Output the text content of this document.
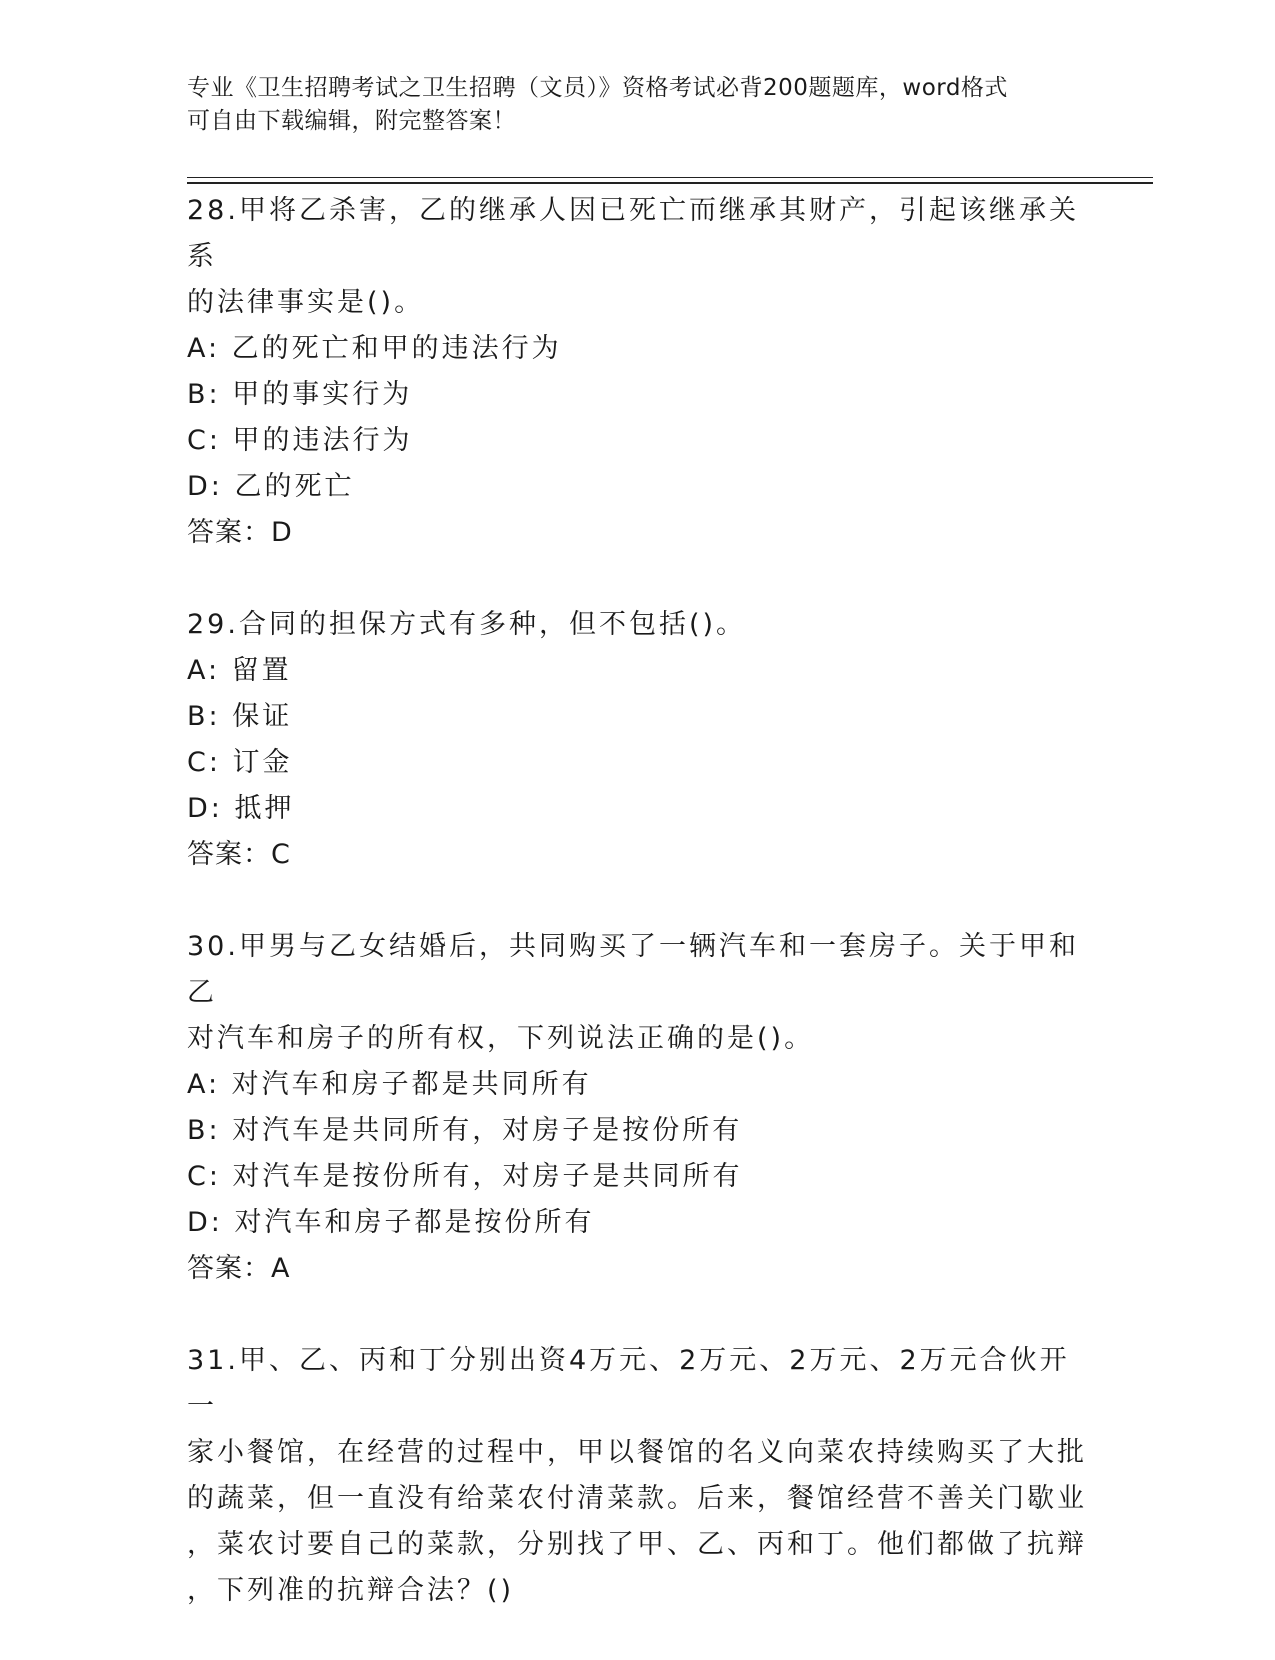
专业《卫生招聘考试之卫生招聘（文员）》资格考试必背200题题库，word格式
可自由下载编辑，附完整答案！

28.甲将乙杀害，乙的继承人因已死亡而继承其财产，引起该继承关系

的法律事实是()。

A: 乙的死亡和甲的违法行为

B: 甲的事实行为

C: 甲的违法行为

D: 乙的死亡

答案：D

29.合同的担保方式有多种，但不包括()。

A: 留置

B: 保证

C: 订金

D: 抵押

答案：C

30.甲男与乙女结婚后，共同购买了一辆汽车和一套房子。关于甲和乙

对汽车和房子的所有权，下列说法正确的是()。

A: 对汽车和房子都是共同所有

B: 对汽车是共同所有，对房子是按份所有

C: 对汽车是按份所有，对房子是共同所有

D: 对汽车和房子都是按份所有

答案：A

31.甲、乙、丙和丁分别出资4万元、2万元、2万元、2万元合伙开一

家小餐馆，在经营的过程中，甲以餐馆的名义向菜农持续购买了大批

的蔬菜，但一直没有给菜农付清菜款。后来，餐馆经营不善关门歇业

，菜农讨要自己的菜款，分别找了甲、乙、丙和丁。他们都做了抗辩

，下列准的抗辩合法？()
